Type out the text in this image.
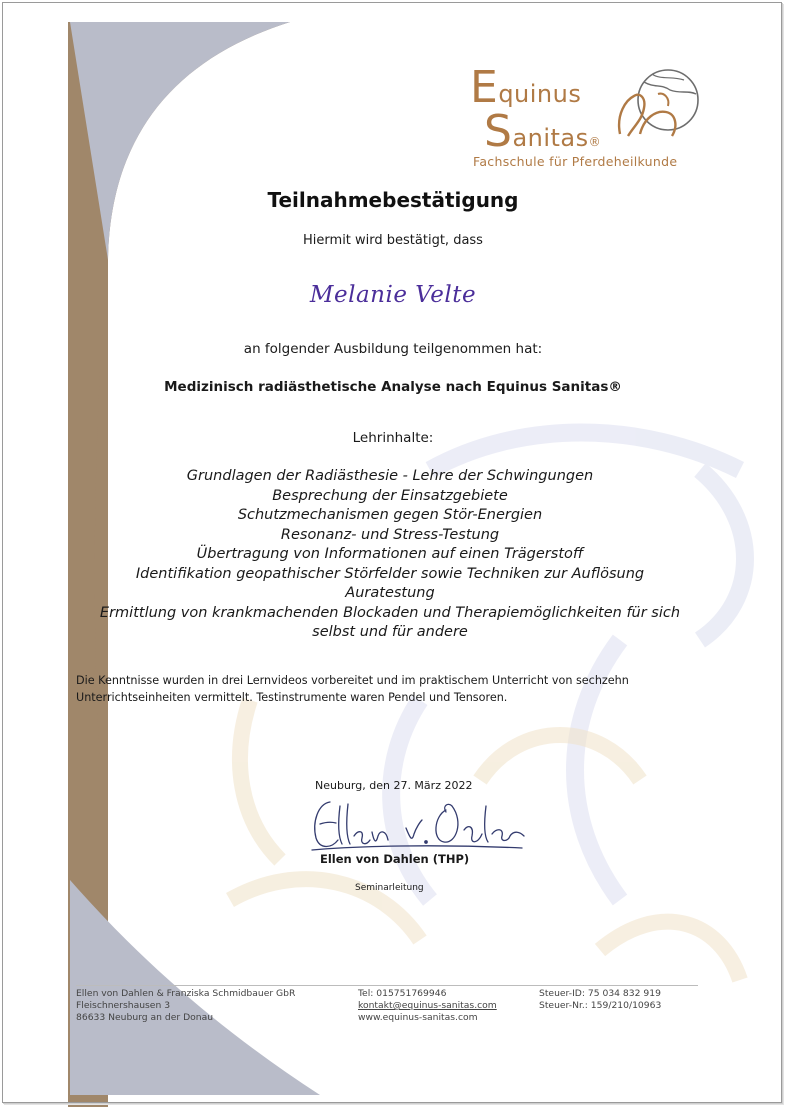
Equinus
Sanitas®
Fachschule für Pferdeheilkunde
Teilnahmebestätigung
Hiermit wird bestätigt, dass
Melanie Velte
an folgender Ausbildung teilgenommen hat:
Medizinisch radiästhetische Analyse nach Equinus Sanitas®
Lehrinhalte:
Grundlagen der Radiästhesie - Lehre der Schwingungen
Besprechung der Einsatzgebiete
Schutzmechanismen gegen Stör-Energien
Resonanz- und Stress-Testung
Übertragung von Informationen auf einen Trägerstoff
Identifikation geopathischer Störfelder sowie Techniken zur Auflösung
Auratestung
Ermittlung von krankmachenden Blockaden und Therapiemöglichkeiten für sich
selbst und für andere
Die Kenntnisse wurden in drei Lernvideos vorbereitet und im praktischem Unterricht von sechzehn Unterrichtseinheiten vermittelt. Testinstrumente waren Pendel und Tensoren.
Neuburg, den 27. März 2022
Ellen von Dahlen (THP)
Seminarleitung
Ellen von Dahlen & Franziska Schmidbauer GbR
Fleischnershausen 3
86633 Neuburg an der Donau
Tel: 015751769946
kontakt@equinus-sanitas.com
www.equinus-sanitas.com
Steuer-ID: 75 034 832 919
Steuer-Nr.: 159/210/10963
